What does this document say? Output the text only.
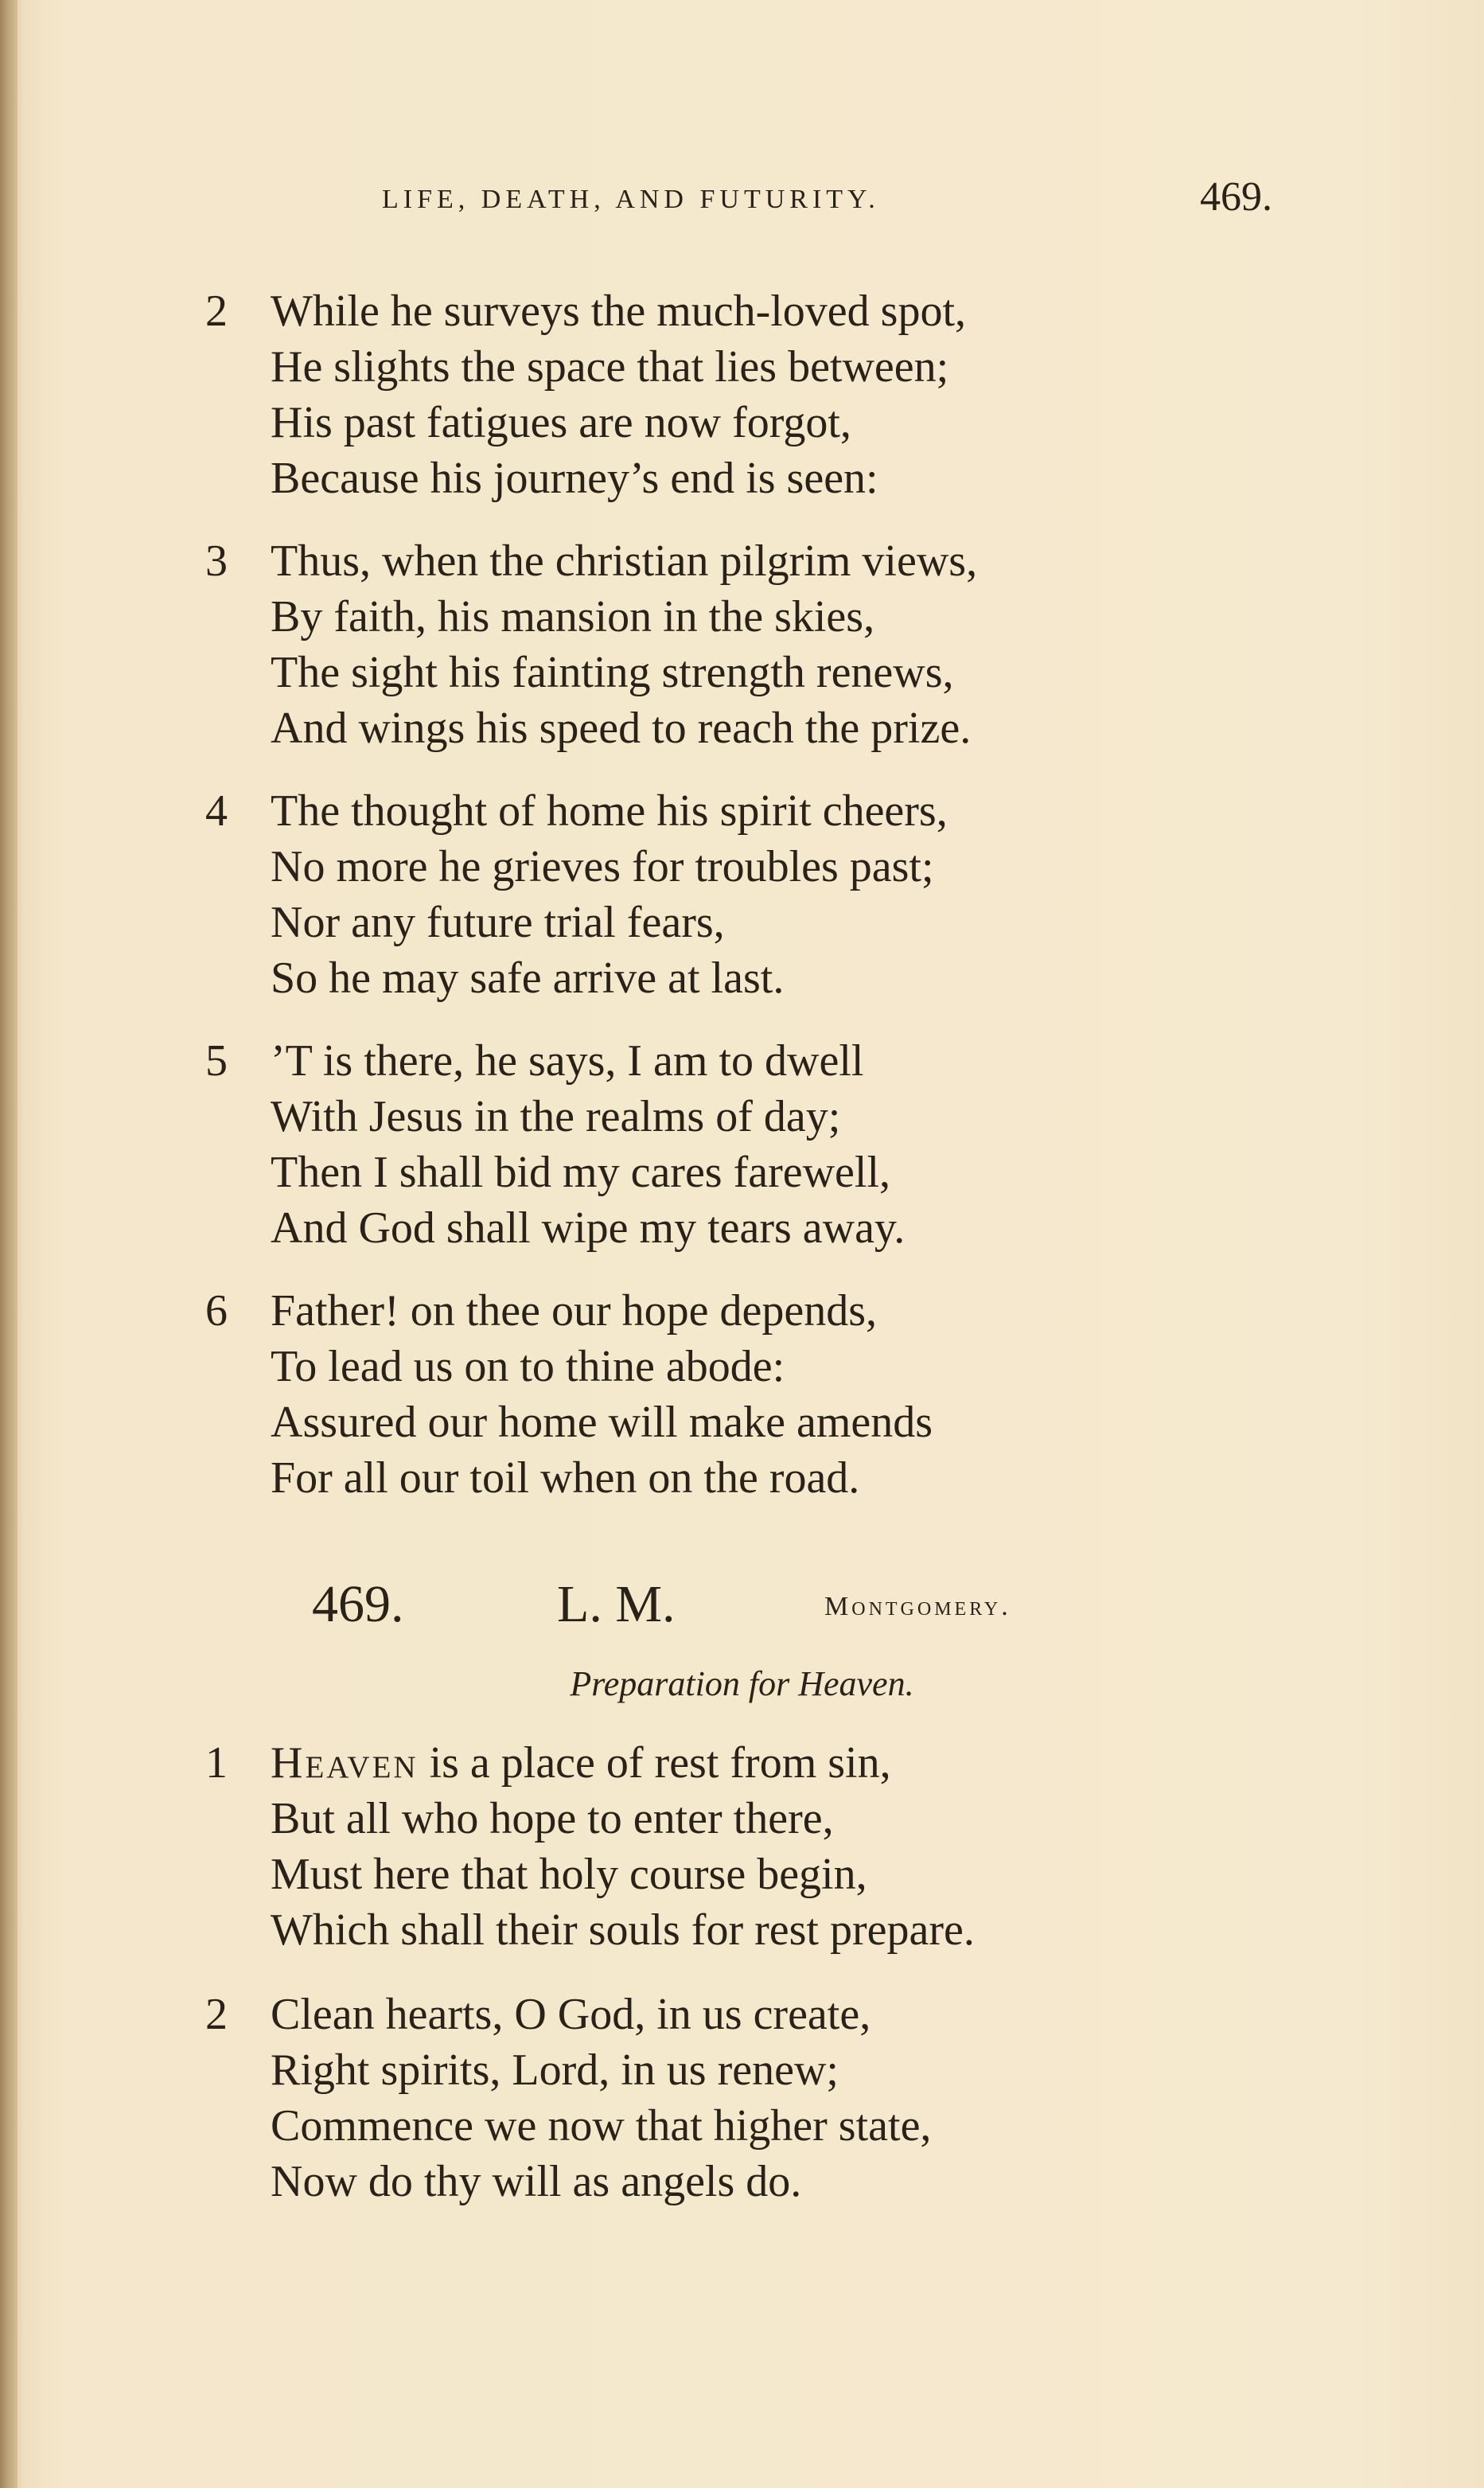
LIFE, DEATH, AND FUTURITY.	469.
2 While he surveys the much-loved spot,
He slights the space that lies between;
His past fatigues are now forgot,
Because his journey’s end is seen:
3 Thus, when the christian pilgrim views,
By faith, his mansion in the skies,
The sight his fainting strength renews,
And wings his speed to reach the prize.
4 The thought of home his spirit cheers,
No more he grieves for troubles past;
Nor any future trial fears,
So he may safe arrive at last.
5 ’T is there, he says, I am to dwell
With Jesus in the realms of day;
Then I shall bid my cares farewell,
And God shall wipe my tears away.
6 Father! on thee our hope depends,
To lead us on to thine abode:
Assured our home will make amends
For all our toil when on the road.
469.	L. M.	Montgomery.
Preparation for Heaven.
1 Heaven is a place of rest from sin,
But all who hope to enter there,
Must here that holy course begin,
Which shall their souls for rest prepare.
2 Clean hearts, O God, in us create,
Right spirits, Lord, in us renew;
Commence we now that higher state,
Now do thy will as angels do.
